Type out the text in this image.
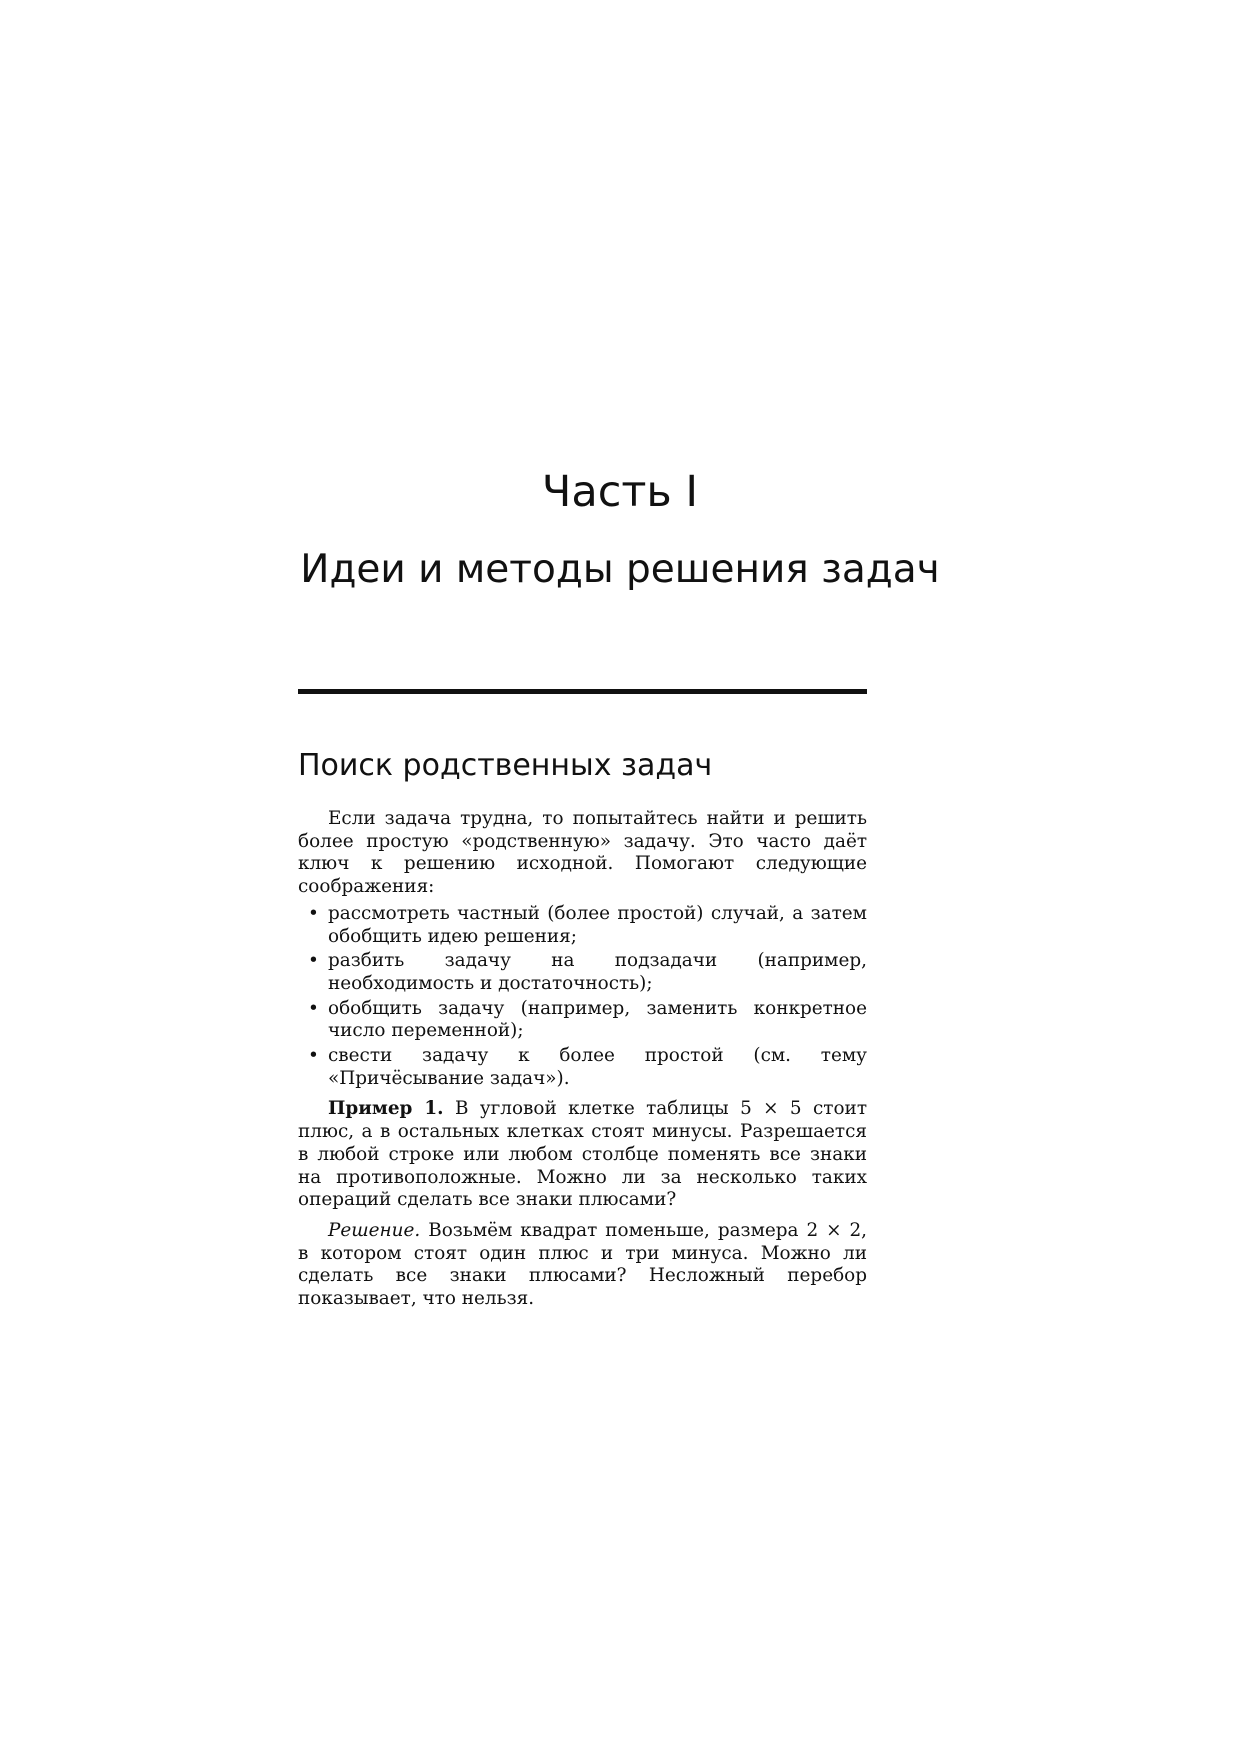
Часть I
Идеи и методы решения задач
Поиск родственных задач

Если задача трудна, то попытайтесь найти и решить более простую «родственную» задачу. Это часто даёт ключ к решению исходной. Помогают следующие соображения:

• рассмотреть частный (более простой) случай, а затем обобщить идею решения;
• разбить задачу на подзадачи (например, необходимость и достаточность);
• обобщить задачу (например, заменить конкретное число переменной);
• свести задачу к более простой (см. тему «Причёсывание задач»).

Пример 1. В угловой клетке таблицы 5 × 5 стоит плюс, а в остальных клетках стоят минусы. Разрешается в любой строке или любом столбце поменять все знаки на противоположные. Можно ли за несколько таких операций сделать все знаки плюсами?

Решение. Возьмём квадрат поменьше, размера 2 × 2, в котором стоят один плюс и три минуса. Можно ли сделать все знаки плюсами? Несложный перебор показывает, что нельзя.
